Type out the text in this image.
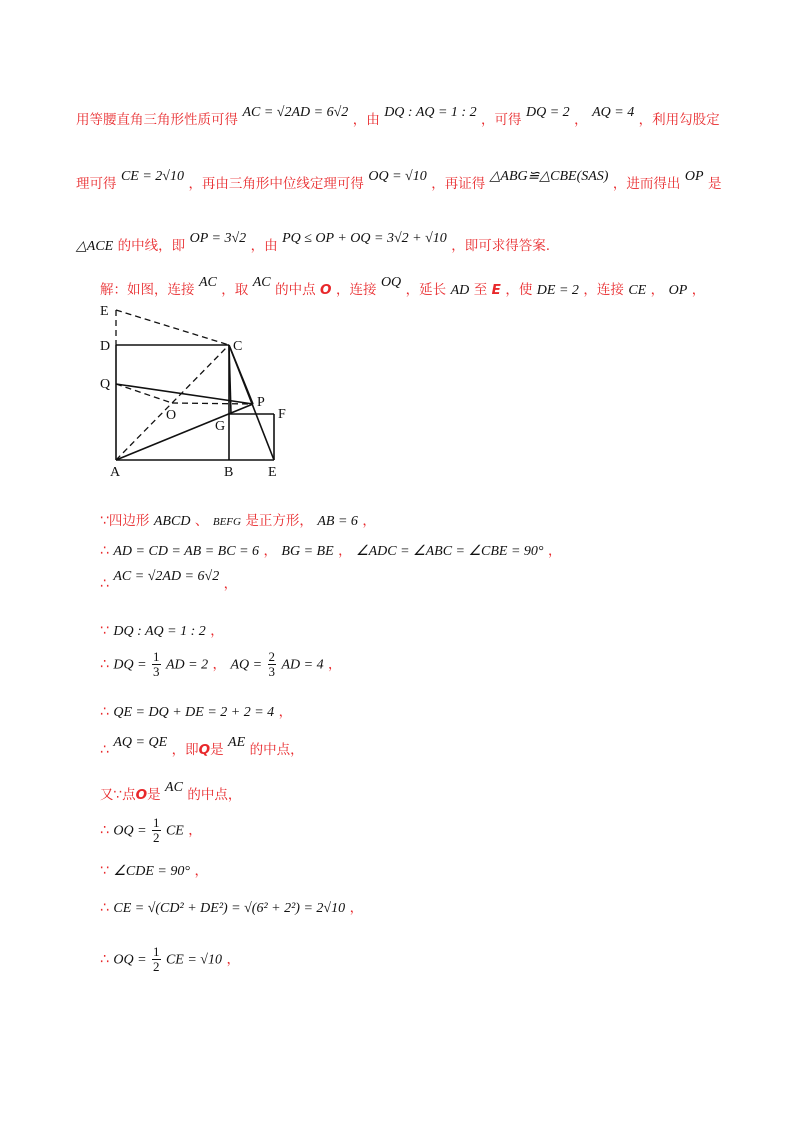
用等腰直角三角形性质可得 AC = √2AD = 6√2 ，由 DQ : AQ = 1 : 2 ，可得 DQ = 2 ， AQ = 4 ，利用勾股定
理可得 CE = 2√10 ，再由三角形中位线定理可得 OQ = √10 ，再证得 △ABG≌△CBE(SAS) ，进而得出 OP 是
△ACE 的中线，即 OP = 3√2 ，由 PQ ≤ OP + OQ = 3√2 + √10 ，即可求得答案.
解：如图，连接 AC ，取 AC 的中点 O ，连接 OQ ，延长 AD 至 E ，使 DE = 2 ，连接 CE ， OP ，
E
D	C
Q
O
P
F
G
A	B E
∵四边形 ABCD 、 BEFG 是正方形， AB = 6 ，
∴ AD = CD = AB = BC = 6 ， BG = BE ， ∠ADC = ∠ABC = ∠CBE = 90° ，
∴ AC = √2AD = 6√2 ，
∵ DQ : AQ = 1 : 2 ，
∴ DQ = $\frac{1}{3}$ AD = 2 ， AQ = $\frac{2}{3}$ AD = 4 ，
∴ QE = DQ + DE = 2 + 2 = 4 ，
∴ AQ = QE ，即Q是 AE 的中点，
又∵点O是 AC 的中点，
∴ OQ = $\frac{1}{2}$ CE ，
∵ ∠CDE = 90° ，
∴ CE = √(CD² + DE²) = √(6² + 2²) = 2√10 ，
∴ OQ = $\frac{1}{2}$ CE = √10 ，
